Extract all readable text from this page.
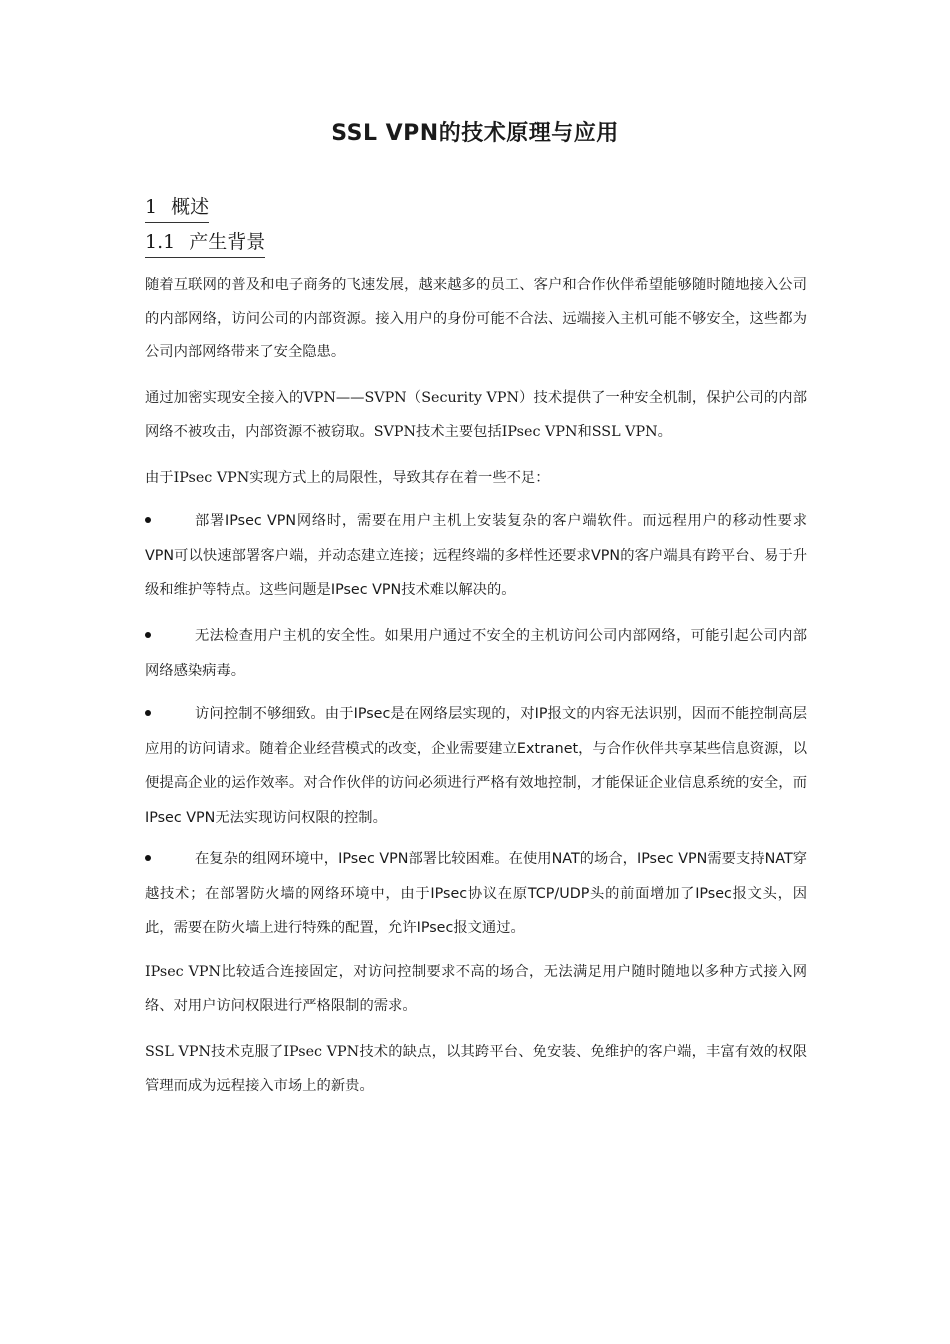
SSL VPN的技术原理与应用
1 概述
1.1 产生背景
随着互联网的普及和电子商务的飞速发展，越来越多的员工、客户和合作伙伴希望能够随时随地接入公司的内部网络，访问公司的内部资源。接入用户的身份可能不合法、远端接入主机可能不够安全，这些都为公司内部网络带来了安全隐患。
通过加密实现安全接入的VPN——SVPN（Security VPN）技术提供了一种安全机制，保护公司的内部网络不被攻击，内部资源不被窃取。SVPN技术主要包括IPsec VPN和SSL VPN。
由于IPsec VPN实现方式上的局限性，导致其存在着一些不足：
部署IPsec VPN网络时，需要在用户主机上安装复杂的客户端软件。而远程用户的移动性要求VPN可以快速部署客户端，并动态建立连接；远程终端的多样性还要求VPN的客户端具有跨平台、易于升级和维护等特点。这些问题是IPsec VPN技术难以解决的。
无法检查用户主机的安全性。如果用户通过不安全的主机访问公司内部网络，可能引起公司内部网络感染病毒。
访问控制不够细致。由于IPsec是在网络层实现的，对IP报文的内容无法识别，因而不能控制高层应用的访问请求。随着企业经营模式的改变，企业需要建立Extranet，与合作伙伴共享某些信息资源，以便提高企业的运作效率。对合作伙伴的访问必须进行严格有效地控制，才能保证企业信息系统的安全，而IPsec VPN无法实现访问权限的控制。
在复杂的组网环境中，IPsec VPN部署比较困难。在使用NAT的场合，IPsec VPN需要支持NAT穿越技术；在部署防火墙的网络环境中，由于IPsec协议在原TCP/UDP头的前面增加了IPsec报文头，因此，需要在防火墙上进行特殊的配置，允许IPsec报文通过。
IPsec VPN比较适合连接固定，对访问控制要求不高的场合，无法满足用户随时随地以多种方式接入网络、对用户访问权限进行严格限制的需求。
SSL VPN技术克服了IPsec VPN技术的缺点，以其跨平台、免安装、免维护的客户端，丰富有效的权限管理而成为远程接入市场上的新贵。
